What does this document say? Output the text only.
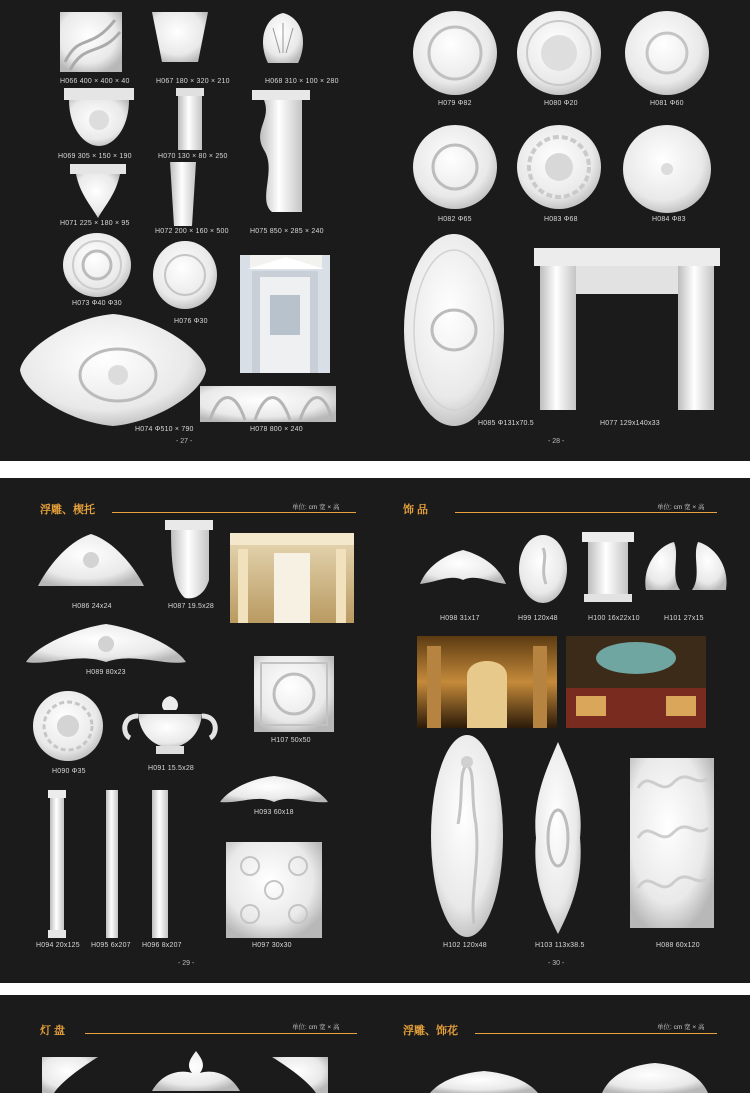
H066 400 × 400 × 40	H067 180 × 320 × 210	H068 310 × 100 × 280
H069 305 × 150 × 190	H070 130 × 80 × 250
H075 850 × 285 × 240
H071 225 × 180 × 95
H072 200 × 160 × 500
H073 Φ40 Φ30
H076 Φ30
H074 Φ510 × 790	H078 800 × 240
- 27 -
H079 Φ82	H080 Φ20	H081 Φ60
H082 Φ65	H083 Φ68	H084 Φ83
H085 Φ131x70.5	H077 129x140x33
- 28 -
浮雕、楔托	单位: cm 宽 × 高	饰 品	单位: cm 宽 × 高
H086 24x24	H087 19.5x28
H089 80x23
H107 50x50
H090 Φ35	H091 15.5x28
H093 60x18
H094 20x125 H095 6x207 H096 8x207	H097 30x30
- 29 -
H098 31x17	H99 120x48	H100 16x22x10	H101 27x15
H102 120x48	H103 113x38.5	H088 60x120
- 30 -
灯 盘	单位: cm 宽 × 高	浮雕、饰花	单位: cm 宽 × 高
